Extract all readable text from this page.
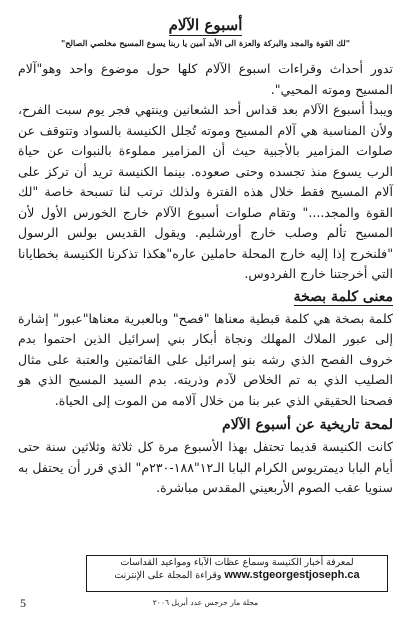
أسبوع الآلام
"لك القوة والمجد والبركة والعزة الى الأبد آمين يا ربنا يسوع المسيح مخلصي الصالح"

تدور أحداث وقراءات اسبوع الآلام كلها حول موضوع واحد وهو"آلام المسيح وموته المحيي".

ويبدأ أسبوع الآلام بعد قداس أحد الشعانين وينتهي فجر يوم سبت الفرح، ولأن المناسبة هي آلام المسيح وموته تُجلل الكنيسة بالسواد وتتوقف عن صلوات المزامير بالأجبية حيث أن المزامير مملوءة بالنبوات عن حياة الرب يسوع منذ تجسده وحتى صعوده. بينما الكنيسة تريد أن تركز على آلام المسيح فقط خلال هذه الفترة ولذلك ترتب لنا تسبحة خاصة "لك القوة والمجد...." وتقام صلوات أسبوع الآلام خارج الخورس الأول لأن المسيح تألم وصلب خارج أورشليم. ويقول القديس بولس الرسول "فلنخرج إذا إليه خارج المحلة حاملين عاره"هكذا تذكرنا الكنيسة بخطايانا التي أخرجتنا خارج الفردوس.

معنى كلمة بصخة

كلمة بصخة هي كلمة قبطية معناها "فصح" وبالعبرية معناها"عبور" إشارة إلى عبور الملاك المهلك ونجاة أبكار بني إسرائيل الذين احتموا بدم خروف الفصح الذي رشه بنو إسرائيل على القائمتين والعتبة على مثال الصليب الذي به تم الخلاص لآدم وذريته. بدم السيد المسيح الذي هو فصحنا الحقيقي الذي عبر بنا من خلال آلامه من الموت إلى الحياة.

لمحة تاريخية عن أسبوع الآلام

كانت الكنيسة قديما تحتفل بهذا الأسبوع مرة كل ثلاثة وثلاثين سنة حتى أيام البابا ديمتريوس الكرام البابا الـ١٢"١٨٨-٢٣٠م" الذي قرر أن يحتفل به سنويا عقب الصوم الأربعيني المقدس مباشرة.

لمعرفة أخبار الكنيسة وسماع عظات الآباء ومواعيد القداسات
www.stgeorgestjoseph.ca وقراءة المجلة على الإنترنت
مجلة مار جرجس عدد أبريل ٢٠٠٦
5
